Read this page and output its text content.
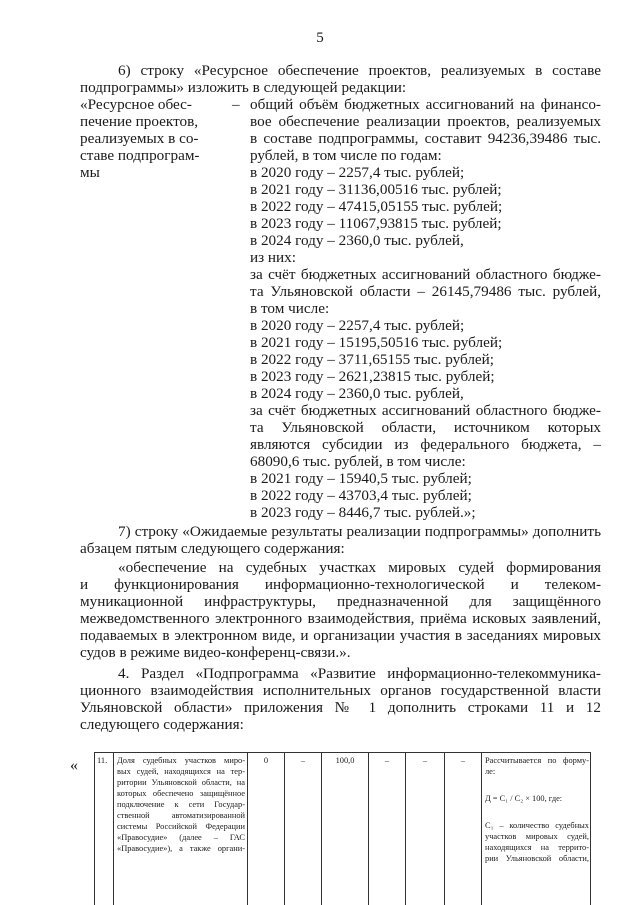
5
6) строку «Ресурсное обеспечение проектов, реализуемых в составе
подпрограммы» изложить в следующей редакции:
«Ресурсное обес-
печение проектов,
реализуемых в со-
ставе подпрограм-
мы
– общий объём бюджетных ассигнований на финансо-
вое обеспечение реализации проектов, реализуемых
в составе подпрограммы, составит 94236,39486 тыс.
рублей, в том числе по годам:
в 2020 году – 2257,4 тыс. рублей;
в 2021 году – 31136,00516 тыс. рублей;
в 2022 году – 47415,05155 тыс. рублей;
в 2023 году – 11067,93815 тыс. рублей;
в 2024 году – 2360,0 тыс. рублей,
из них:
за счёт бюджетных ассигнований областного бюдже-
та Ульяновской области – 26145,79486 тыс. рублей,
в том числе:
в 2020 году – 2257,4 тыс. рублей;
в 2021 году – 15195,50516 тыс. рублей;
в 2022 году – 3711,65155 тыс. рублей;
в 2023 году – 2621,23815 тыс. рублей;
в 2024 году – 2360,0 тыс. рублей,
за счёт бюджетных ассигнований областного бюдже-
та Ульяновской области, источником которых
являются субсидии из федерального бюджета, –
68090,6 тыс. рублей, в том числе:
в 2021 году – 15940,5 тыс. рублей;
в 2022 году – 43703,4 тыс. рублей;
в 2023 году – 8446,7 тыс. рублей.»;
7) строку «Ожидаемые результаты реализации подпрограммы» дополнить
абзацем пятым следующего содержания:
«обеспечение на судебных участках мировых судей формирования
и функционирования информационно-технологической и телеком-
муникационной инфраструктуры, предназначенной для защищённого
межведомственного электронного взаимодействия, приёма исковых заявлений,
подаваемых в электронном виде, и организации участия в заседаниях мировых
судов в режиме видео-конференц-связи.».
4. Раздел «Подпрограмма «Развитие информационно-телекоммуника-
ционного взаимодействия исполнительных органов государственной власти
Ульяновской области» приложения № 1 дополнить строками 11 и 12
следующего содержания:
« 11. Доля судебных участков миро-
вых судей, находящихся на тер-
ритории Ульяновской области, на
которых обеспечено защищённое
подключение к сети Государ-
ственной автоматизированной
системы Российской Федерации
«Правосудие» (далее – ГАС
«Правосудие»), а также органи-
0	–	100,0	–	–	–	Рассчитывается по форму-
ле:
Д = С₁ / С₂ × 100, где:
С₁ – количество судебных
участков мировых судей,
находящихся на террито-
рии Ульяновской области,
